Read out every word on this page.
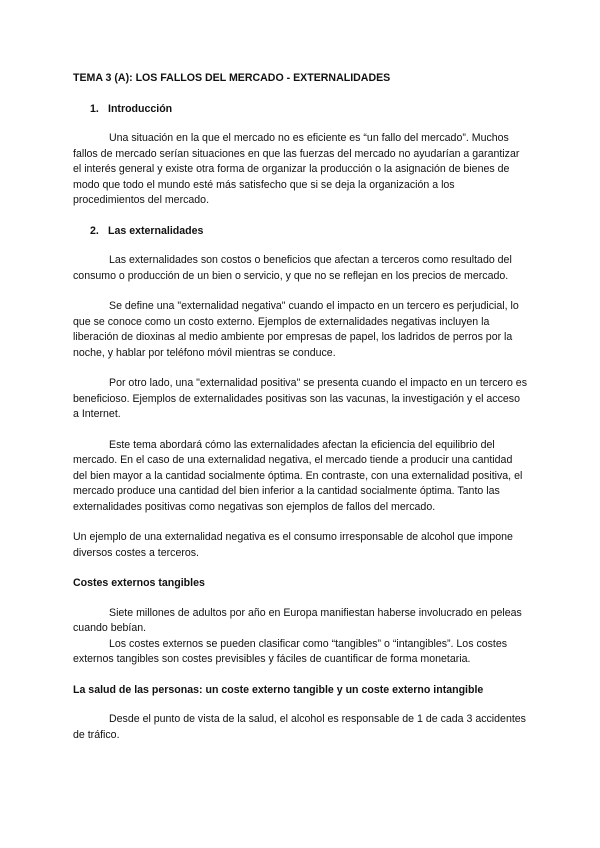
TEMA 3 (A): LOS FALLOS DEL MERCADO - EXTERNALIDADES
1. Introducción

Una situación en la que el mercado no es eficiente es “un fallo del mercado”. Muchos fallos de mercado serían situaciones en que las fuerzas del mercado no ayudarían a garantizar el interés general y existe otra forma de organizar la producción o la asignación de bienes de modo que todo el mundo esté más satisfecho que si se deja la organización a los procedimientos del mercado.

2. Las externalidades

Las externalidades son costos o beneficios que afectan a terceros como resultado del consumo o producción de un bien o servicio, y que no se reflejan en los precios de mercado.

Se define una "externalidad negativa" cuando el impacto en un tercero es perjudicial, lo que se conoce como un costo externo. Ejemplos de externalidades negativas incluyen la liberación de dioxinas al medio ambiente por empresas de papel, los ladridos de perros por la noche, y hablar por teléfono móvil mientras se conduce.

Por otro lado, una "externalidad positiva" se presenta cuando el impacto en un tercero es beneficioso. Ejemplos de externalidades positivas son las vacunas, la investigación y el acceso a Internet.

Este tema abordará cómo las externalidades afectan la eficiencia del equilibrio del mercado. En el caso de una externalidad negativa, el mercado tiende a producir una cantidad del bien mayor a la cantidad socialmente óptima. En contraste, con una externalidad positiva, el mercado produce una cantidad del bien inferior a la cantidad socialmente óptima. Tanto las externalidades positivas como negativas son ejemplos de fallos del mercado.

Un ejemplo de una externalidad negativa es el consumo irresponsable de alcohol que impone diversos costes a terceros.

Costes externos tangibles

Siete millones de adultos por año en Europa manifiestan haberse involucrado en peleas cuando bebían.

Los costes externos se pueden clasificar como “tangibles” o “intangibles”. Los costes externos tangibles son costes previsibles y fáciles de cuantificar de forma monetaria.

La salud de las personas: un coste externo tangible y un coste externo intangible

Desde el punto de vista de la salud, el alcohol es responsable de 1 de cada 3 accidentes de tráfico.
